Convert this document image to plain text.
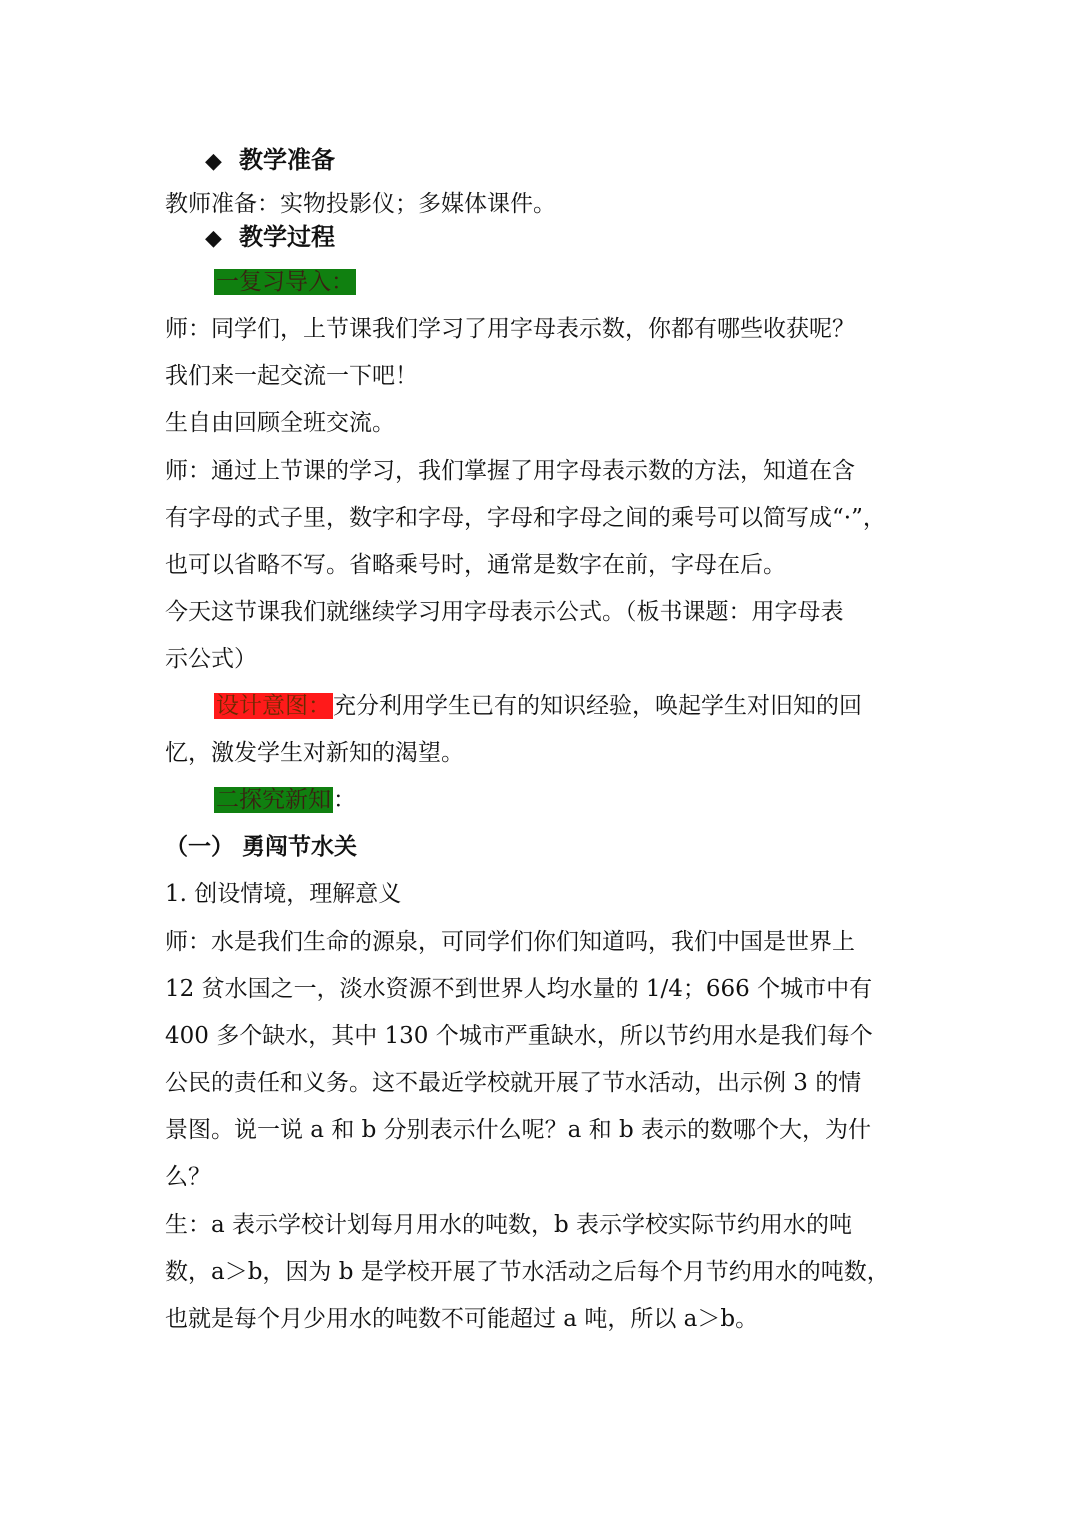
◆ 教学准备
教师准备：实物投影仪；多媒体课件。
◆ 教学过程
一复习导入：
师：同学们，上节课我们学习了用字母表示数，你都有哪些收获呢？
我们来一起交流一下吧！
生自由回顾全班交流。
师：通过上节课的学习，我们掌握了用字母表示数的方法，知道在含
有字母的式子里，数字和字母，字母和字母之间的乘号可以简写成“·”，
也可以省略不写。省略乘号时，通常是数字在前，字母在后。
今天这节课我们就继续学习用字母表示公式。（板书课题：用字母表
示公式）
设计意图：充分利用学生已有的知识经验，唤起学生对旧知的回
忆，激发学生对新知的渴望。
二探究新知：
（一） 勇闯节水关
1. 创设情境，理解意义
师：水是我们生命的源泉，可同学们你们知道吗，我们中国是世界上
12 贫水国之一，淡水资源不到世界人均水量的 1/4；666 个城市中有
400 多个缺水，其中 130 个城市严重缺水，所以节约用水是我们每个
公民的责任和义务。这不最近学校就开展了节水活动，出示例 3 的情
景图。说一说 a 和 b 分别表示什么呢？a 和 b 表示的数哪个大，为什
么？
生：a 表示学校计划每月用水的吨数，b 表示学校实际节约用水的吨
数，a＞b，因为 b 是学校开展了节水活动之后每个月节约用水的吨数，
也就是每个月少用水的吨数不可能超过 a 吨，所以 a＞b。
